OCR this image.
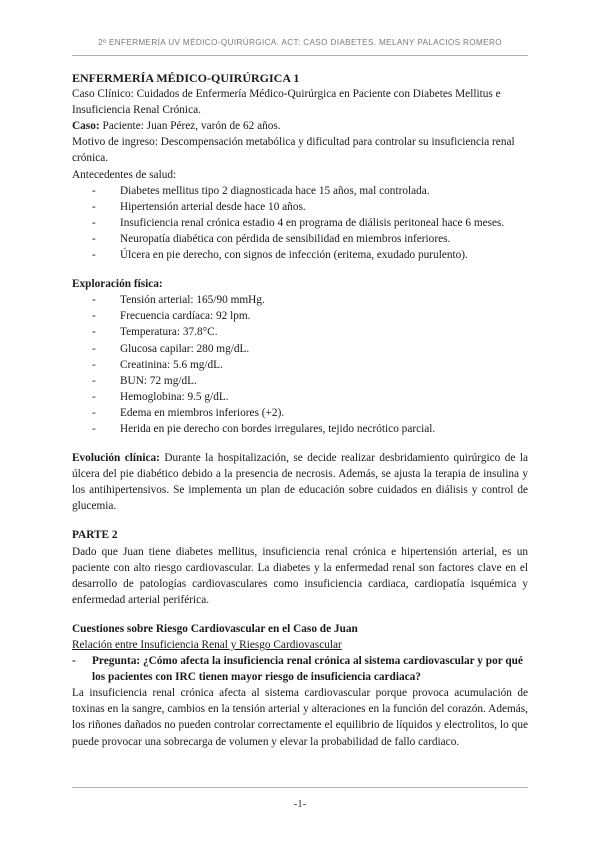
2º ENFERMERÍA UV MÉDICO-QUIRÚRGICA. ACT: CASO DIABETES. MELANY PALACIOS ROMERO

ENFERMERÍA MÉDICO-QUIRÚRGICA 1

Caso Clínico: Cuidados de Enfermería Médico-Quirúrgica en Paciente con Diabetes Mellitus e Insuficiencia Renal Crónica.

Caso: Paciente: Juan Pérez, varón de 62 años.

Motivo de ingreso: Descompensación metabólica y dificultad para controlar su insuficiencia renal crónica.

Antecedentes de salud:

- Diabetes mellitus tipo 2 diagnosticada hace 15 años, mal controlada.
- Hipertensión arterial desde hace 10 años.
- Insuficiencia renal crónica estadio 4 en programa de diálisis peritoneal hace 6 meses.
- Neuropatía diabética con pérdida de sensibilidad en miembros inferiores.
- Úlcera en pie derecho, con signos de infección (eritema, exudado purulento).

Exploración física:

- Tensión arterial: 165/90 mmHg.
- Frecuencia cardíaca: 92 lpm.
- Temperatura: 37.8°C.
- Glucosa capilar: 280 mg/dL.
- Creatinina: 5.6 mg/dL.
- BUN: 72 mg/dL.
- Hemoglobina: 9.5 g/dL.
- Edema en miembros inferiores (+2).
- Herida en pie derecho con bordes irregulares, tejido necrótico parcial.

Evolución clínica: Durante la hospitalización, se decide realizar desbridamiento quirúrgico de la úlcera del pie diabético debido a la presencia de necrosis. Además, se ajusta la terapia de insulina y los antihipertensivos. Se implementa un plan de educación sobre cuidados en diálisis y control de glucemia.

PARTE 2

Dado que Juan tiene diabetes mellitus, insuficiencia renal crónica e hipertensión arterial, es un paciente con alto riesgo cardiovascular. La diabetes y la enfermedad renal son factores clave en el desarrollo de patologías cardiovasculares como insuficiencia cardiaca, cardiopatía isquémica y enfermedad arterial periférica.

Cuestiones sobre Riesgo Cardiovascular en el Caso de Juan

Relación entre Insuficiencia Renal y Riesgo Cardiovascular

- Pregunta: ¿Cómo afecta la insuficiencia renal crónica al sistema cardiovascular y por qué los pacientes con IRC tienen mayor riesgo de insuficiencia cardiaca?

La insuficiencia renal crónica afecta al sistema cardiovascular porque provoca acumulación de toxinas en la sangre, cambios en la tensión arterial y alteraciones en la función del corazón. Además, los riñones dañados no pueden controlar correctamente el equilibrio de líquidos y electrolitos, lo que puede provocar una sobrecarga de volumen y elevar la probabilidad de fallo cardiaco.

-1-
